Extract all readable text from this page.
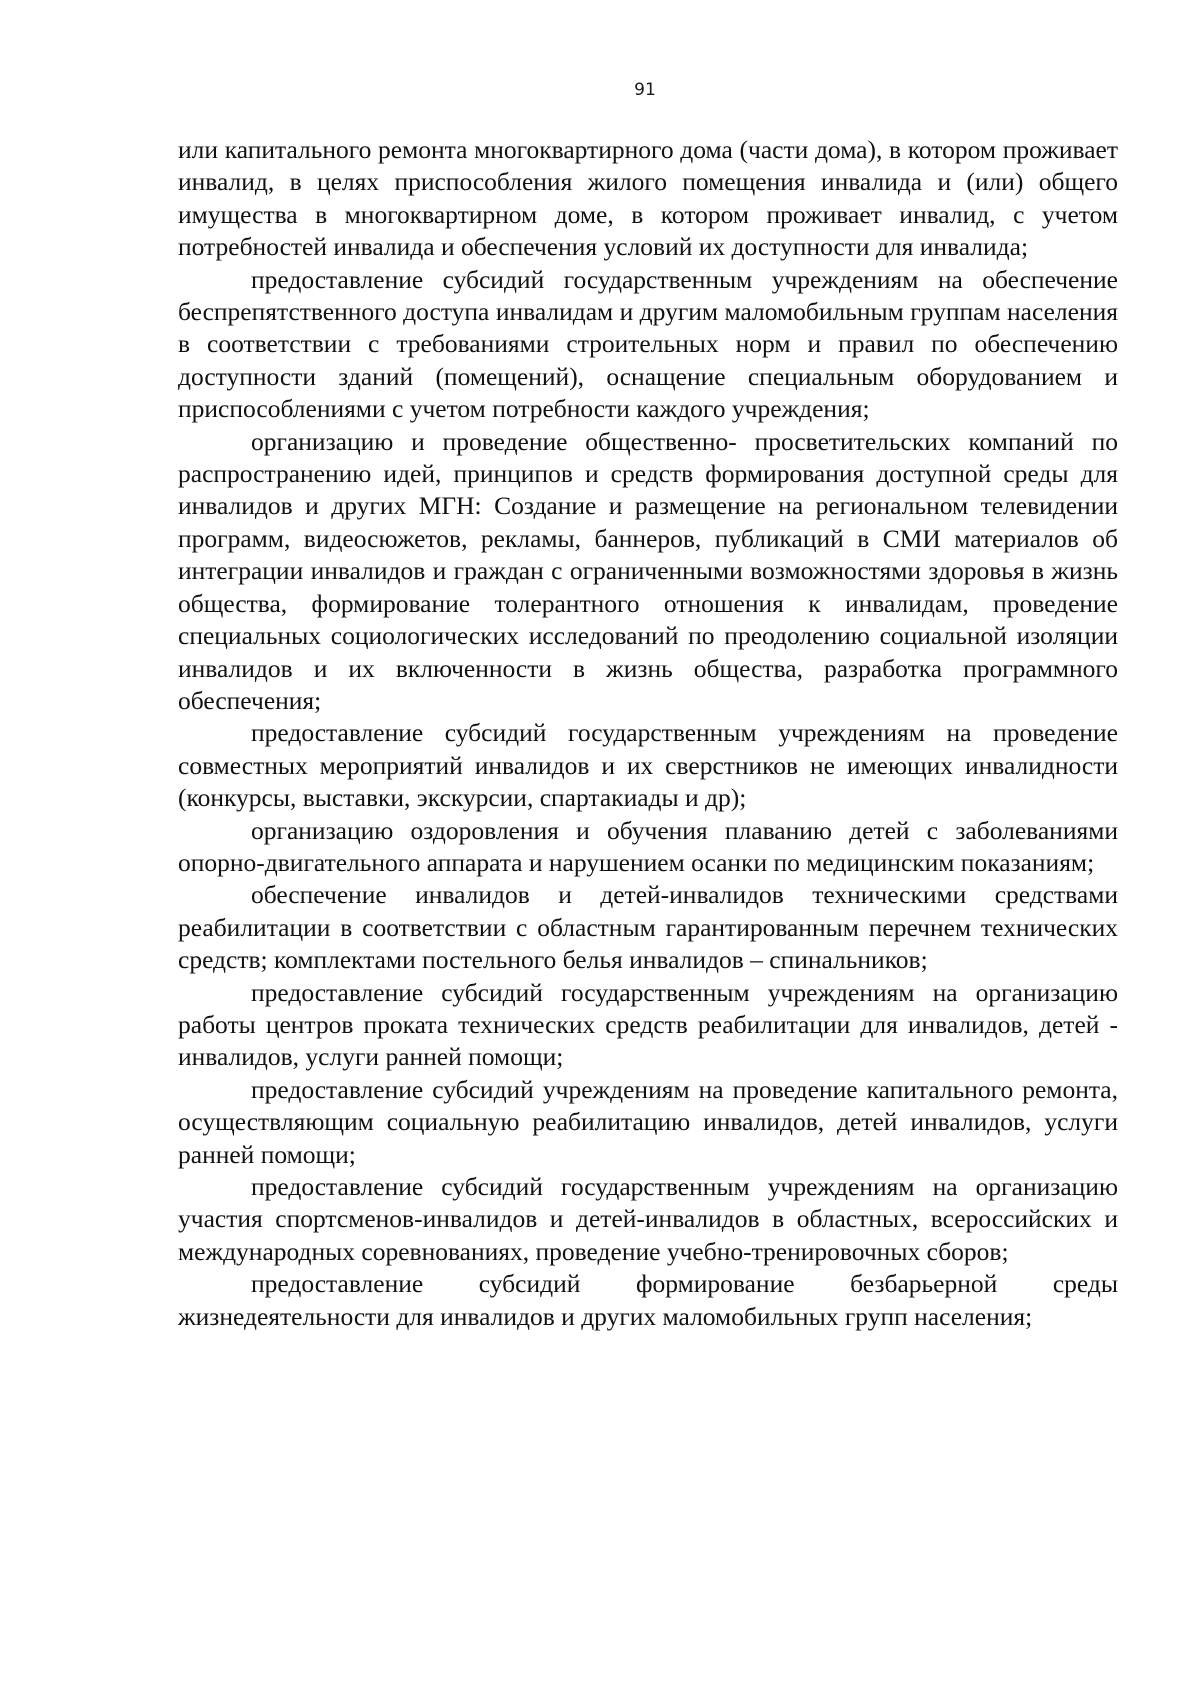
91

или капитального ремонта многоквартирного дома (части дома), в котором проживает инвалид, в целях приспособления жилого помещения инвалида и (или) общего имущества в многоквартирном доме, в котором проживает инвалид, с учетом потребностей инвалида и обеспечения условий их доступности для инвалида;

предоставление субсидий государственным учреждениям на обеспечение беспрепятственного доступа инвалидам и другим маломобильным группам населения в соответствии с требованиями строительных норм и правил по обеспечению доступности зданий (помещений), оснащение специальным оборудованием и приспособлениями с учетом потребности каждого учреждения;

организацию и проведение общественно- просветительских компаний по распространению идей, принципов и средств формирования доступной среды для инвалидов и других МГН: Создание и размещение на региональном телевидении программ, видеосюжетов, рекламы, баннеров, публикаций в СМИ материалов об интеграции инвалидов и граждан с ограниченными возможностями здоровья в жизнь общества, формирование толерантного отношения к инвалидам, проведение специальных социологических исследований по преодолению социальной изоляции инвалидов и их включенности в жизнь общества, разработка программного обеспечения;

предоставление субсидий государственным учреждениям на проведение совместных мероприятий инвалидов и их сверстников не имеющих инвалидности (конкурсы, выставки, экскурсии, спартакиады и др);

организацию оздоровления и обучения плаванию детей с заболеваниями опорно-двигательного аппарата и нарушением осанки по медицинским показаниям;

обеспечение инвалидов и детей-инвалидов техническими средствами реабилитации в соответствии с областным гарантированным перечнем технических средств; комплектами постельного белья инвалидов – спинальников;

предоставление субсидий государственным учреждениям на организацию работы центров проката технических средств реабилитации для инвалидов, детей - инвалидов, услуги ранней помощи;

предоставление субсидий учреждениям на проведение капитального ремонта, осуществляющим социальную реабилитацию инвалидов, детей инвалидов, услуги ранней помощи;

предоставление субсидий государственным учреждениям на организацию участия спортсменов-инвалидов и детей-инвалидов в областных, всероссийских и международных соревнованиях, проведение учебно-тренировочных сборов;

предоставление субсидий формирование безбарьерной среды жизнедеятельности для инвалидов и других маломобильных групп населения;
